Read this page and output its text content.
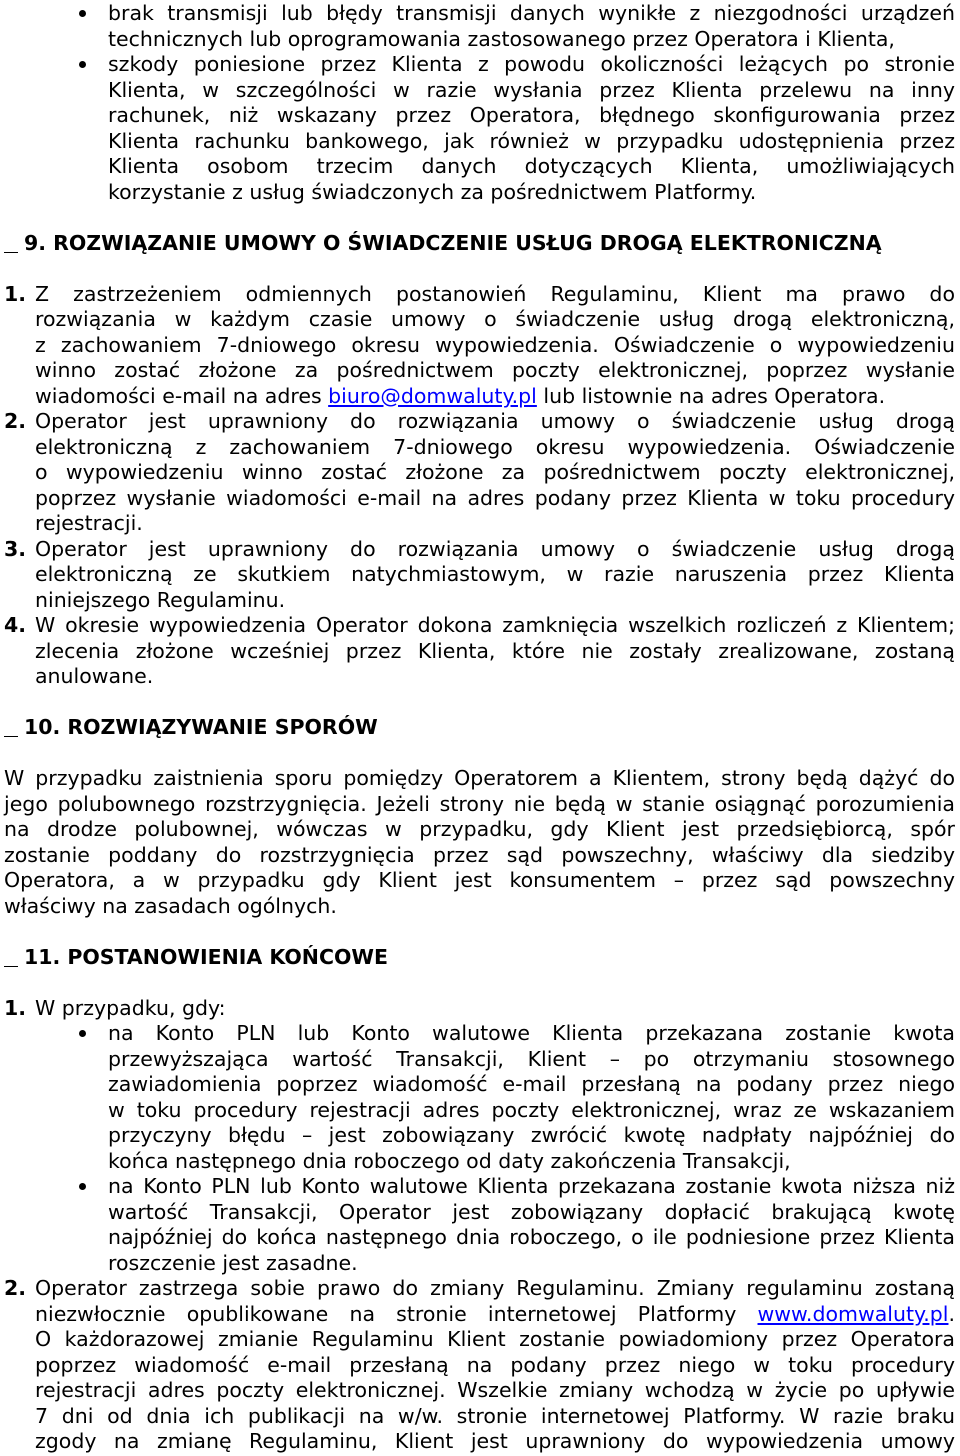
brak transmisji lub błędy transmisji danych wynikłe z niezgodności urządzeń
technicznych lub oprogramowania zastosowanego przez Operatora i Klienta,
szkody poniesione przez Klienta z powodu okoliczności leżących po stronie
Klienta, w szczególności w razie wysłania przez Klienta przelewu na inny
rachunek, niż wskazany przez Operatora, błędnego skonfigurowania przez
Klienta rachunku bankowego, jak również w przypadku udostępnienia przez
Klienta osobom trzecim danych dotyczących Klienta, umożliwiających
korzystanie z usług świadczonych za pośrednictwem Platformy.
9. ROZWIĄZANIE UMOWY O ŚWIADCZENIE USŁUG DROGĄ ELEKTRONICZNĄ
1. Z zastrzeżeniem odmiennych postanowień Regulaminu, Klient ma prawo do
rozwiązania w każdym czasie umowy o świadczenie usług drogą elektroniczną,
z zachowaniem 7-dniowego okresu wypowiedzenia. Oświadczenie o wypowiedzeniu
winno zostać złożone za pośrednictwem poczty elektronicznej, poprzez wysłanie
wiadomości e-mail na adres biuro@domwaluty.pl lub listownie na adres Operatora.
2. Operator jest uprawniony do rozwiązania umowy o świadczenie usług drogą
elektroniczną z zachowaniem 7-dniowego okresu wypowiedzenia. Oświadczenie
o wypowiedzeniu winno zostać złożone za pośrednictwem poczty elektronicznej,
poprzez wysłanie wiadomości e-mail na adres podany przez Klienta w toku procedury
rejestracji.
3. Operator jest uprawniony do rozwiązania umowy o świadczenie usług drogą
elektroniczną ze skutkiem natychmiastowym, w razie naruszenia przez Klienta
niniejszego Regulaminu.
4. W okresie wypowiedzenia Operator dokona zamknięcia wszelkich rozliczeń z Klientem;
zlecenia złożone wcześniej przez Klienta, które nie zostały zrealizowane, zostaną
anulowane.
10. ROZWIĄZYWANIE SPORÓW
W przypadku zaistnienia sporu pomiędzy Operatorem a Klientem, strony będą dążyć do
jego polubownego rozstrzygnięcia. Jeżeli strony nie będą w stanie osiągnąć porozumienia
na drodze polubownej, wówczas w przypadku, gdy Klient jest przedsiębiorcą, spór
zostanie poddany do rozstrzygnięcia przez sąd powszechny, właściwy dla siedziby
Operatora, a w przypadku gdy Klient jest konsumentem – przez sąd powszechny
właściwy na zasadach ogólnych.
11. POSTANOWIENIA KOŃCOWE
1. W przypadku, gdy:
na Konto PLN lub Konto walutowe Klienta przekazana zostanie kwota
przewyższająca wartość Transakcji, Klient – po otrzymaniu stosownego
zawiadomienia poprzez wiadomość e-mail przesłaną na podany przez niego
w toku procedury rejestracji adres poczty elektronicznej, wraz ze wskazaniem
przyczyny błędu – jest zobowiązany zwrócić kwotę nadpłaty najpóźniej do
końca następnego dnia roboczego od daty zakończenia Transakcji,
na Konto PLN lub Konto walutowe Klienta przekazana zostanie kwota niższa niż
wartość Transakcji, Operator jest zobowiązany dopłacić brakującą kwotę
najpóźniej do końca następnego dnia roboczego, o ile podniesione przez Klienta
roszczenie jest zasadne.
2. Operator zastrzega sobie prawo do zmiany Regulaminu. Zmiany regulaminu zostaną
niezwłocznie opublikowane na stronie internetowej Platformy www.domwaluty.pl.
O każdorazowej zmianie Regulaminu Klient zostanie powiadomiony przez Operatora
poprzez wiadomość e-mail przesłaną na podany przez niego w toku procedury
rejestracji adres poczty elektronicznej. Wszelkie zmiany wchodzą w życie po upływie
7 dni od dnia ich publikacji na w/w. stronie internetowej Platformy. W razie braku
zgody na zmianę Regulaminu, Klient jest uprawniony do wypowiedzenia umowy
